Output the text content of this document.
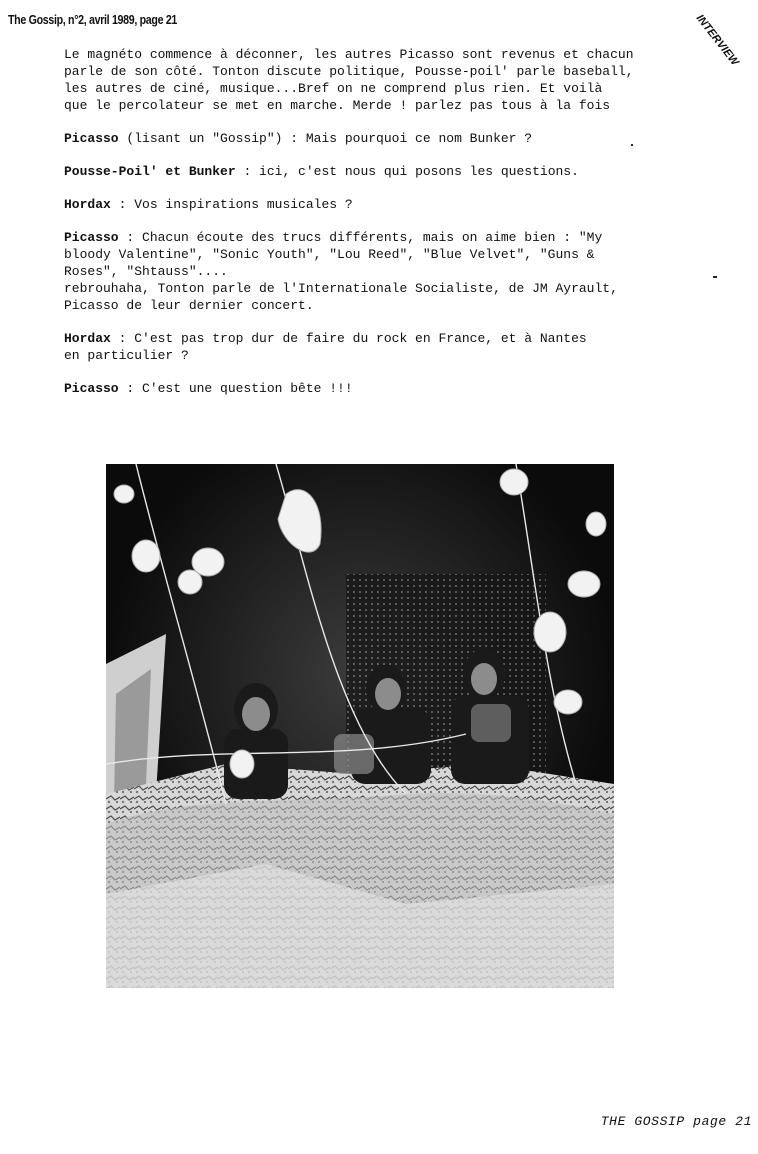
The Gossip, n°2, avril 1989, page 21	INTERVIEW

Le magnéto commence à déconner, les autres Picasso sont revenus et chacun
parle de son côté. Tonton discute politique, Pousse-poil' parle baseball,
les autres de ciné, musique...Bref on ne comprend plus rien. Et voilà
que le percolateur se met en marche. Merde ! parlez pas tous à la fois

Picasso (lisant un "Gossip") : Mais pourquoi ce nom Bunker ?

Pousse-Poil' et Bunker : ici, c'est nous qui posons les questions.

Hordax : Vos inspirations musicales ?

Picasso : Chacun écoute des trucs différents, mais on aime bien : "My
bloody Valentine", "Sonic Youth", "Lou Reed", "Blue Velvet", "Guns &
Roses", "Shtauss"....
rebrouhaha, Tonton parle de l'Internationale Socialiste, de JM Ayrault,
Picasso de leur dernier concert.

Hordax : C'est pas trop dur de faire du rock en France, et à Nantes
en particulier ?

Picasso : C'est une question bête !!!

THE GOSSIP page 21
